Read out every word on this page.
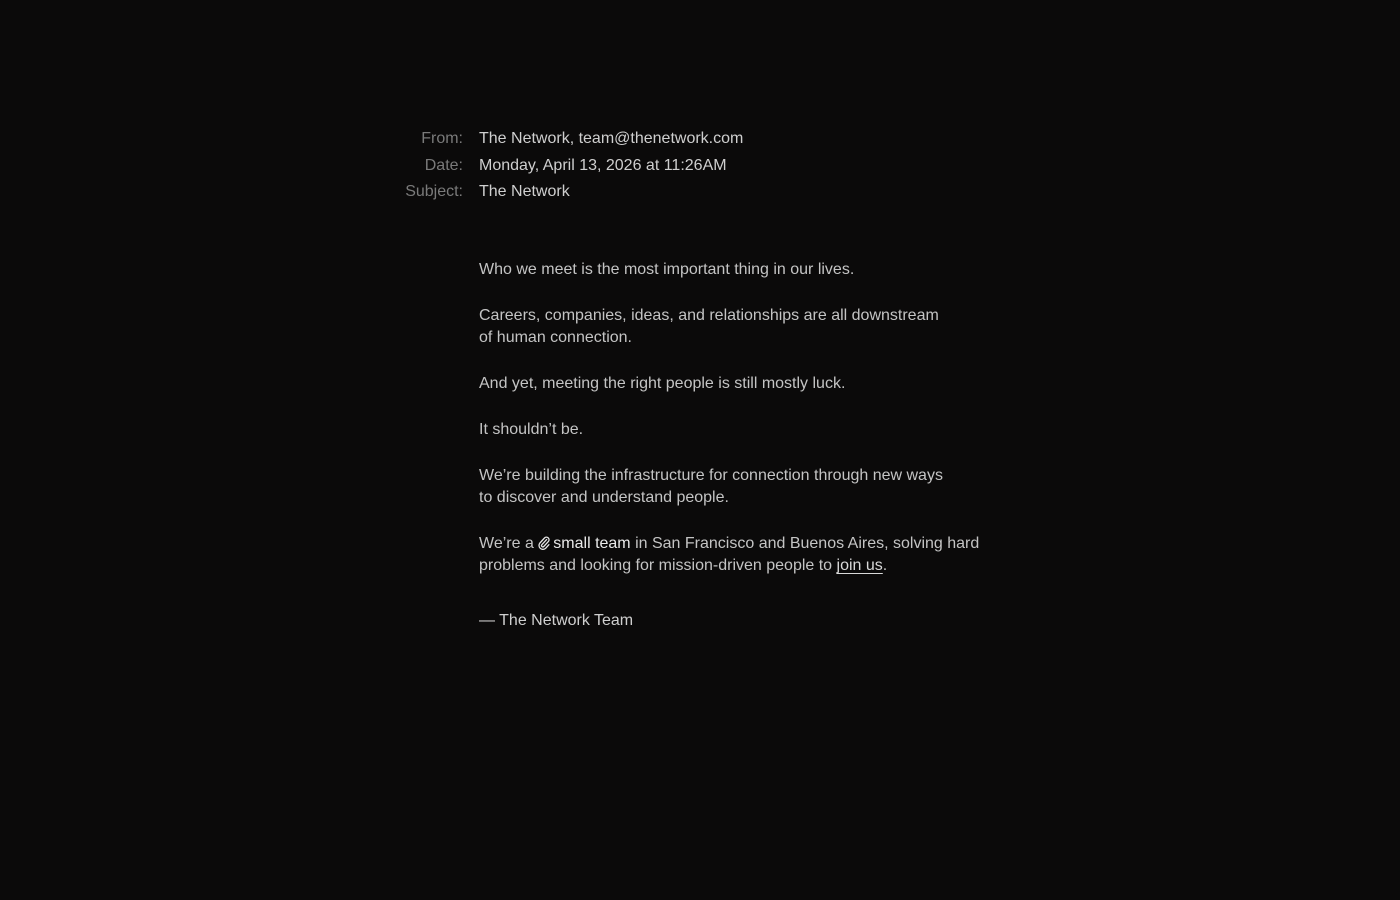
From:	The Network, team@thenetwork.com
Date:	Monday, April 13, 2026 at 11:26AM
Subject:	The Network

Who we meet is the most important thing in our lives.

Careers, companies, ideas, and relationships are all downstream
of human connection.

And yet, meeting the right people is still mostly luck.

It shouldn’t be.

We’re building the infrastructure for connection through new ways
to discover and understand people.

We’re a small team in San Francisco and Buenos Aires, solving hard
problems and looking for mission-driven people to join us.

— The Network Team
